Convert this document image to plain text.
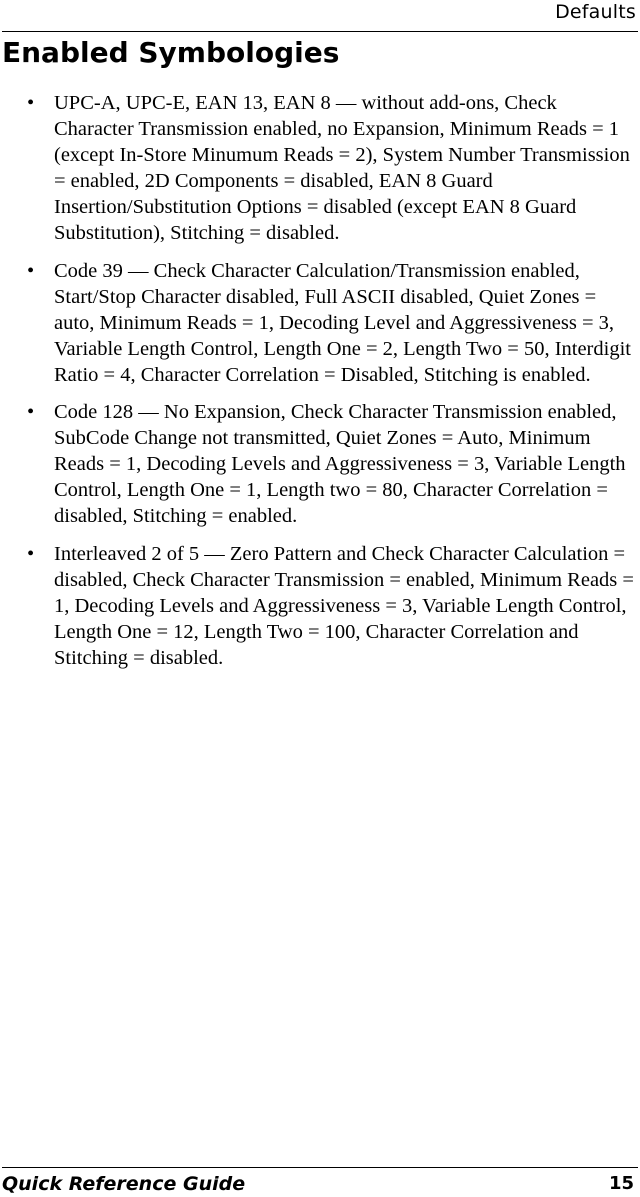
Defaults
Enabled Symbologies
• UPC-A, UPC-E, EAN 13, EAN 8 — without add-ons, Check Character Transmission enabled, no Expansion, Minimum Reads = 1 (except In-Store Minumum Reads = 2), System Number Transmission = enabled, 2D Components = disabled, EAN 8 Guard Insertion/Substitution Options = disabled (except EAN 8 Guard Substitution), Stitching = disabled.
• Code 39 — Check Character Calculation/Transmission enabled, Start/Stop Character disabled, Full ASCII disabled, Quiet Zones = auto, Minimum Reads = 1, Decoding Level and Aggressiveness = 3, Variable Length Control, Length One = 2, Length Two = 50, Interdigit Ratio = 4, Character Correlation = Disabled, Stitching is enabled.
• Code 128 — No Expansion, Check Character Transmission enabled, SubCode Change not transmitted, Quiet Zones = Auto, Minimum Reads = 1, Decoding Levels and Aggressiveness = 3, Variable Length Control, Length One = 1, Length two = 80, Character Correlation = disabled, Stitching = enabled.
• Interleaved 2 of 5 — Zero Pattern and Check Character Calculation = disabled, Check Character Transmission = enabled, Minimum Reads = 1, Decoding Levels and Aggressiveness = 3, Variable Length Control, Length One = 12, Length Two = 100, Character Correlation and Stitching = disabled.
Quick Reference Guide	15
